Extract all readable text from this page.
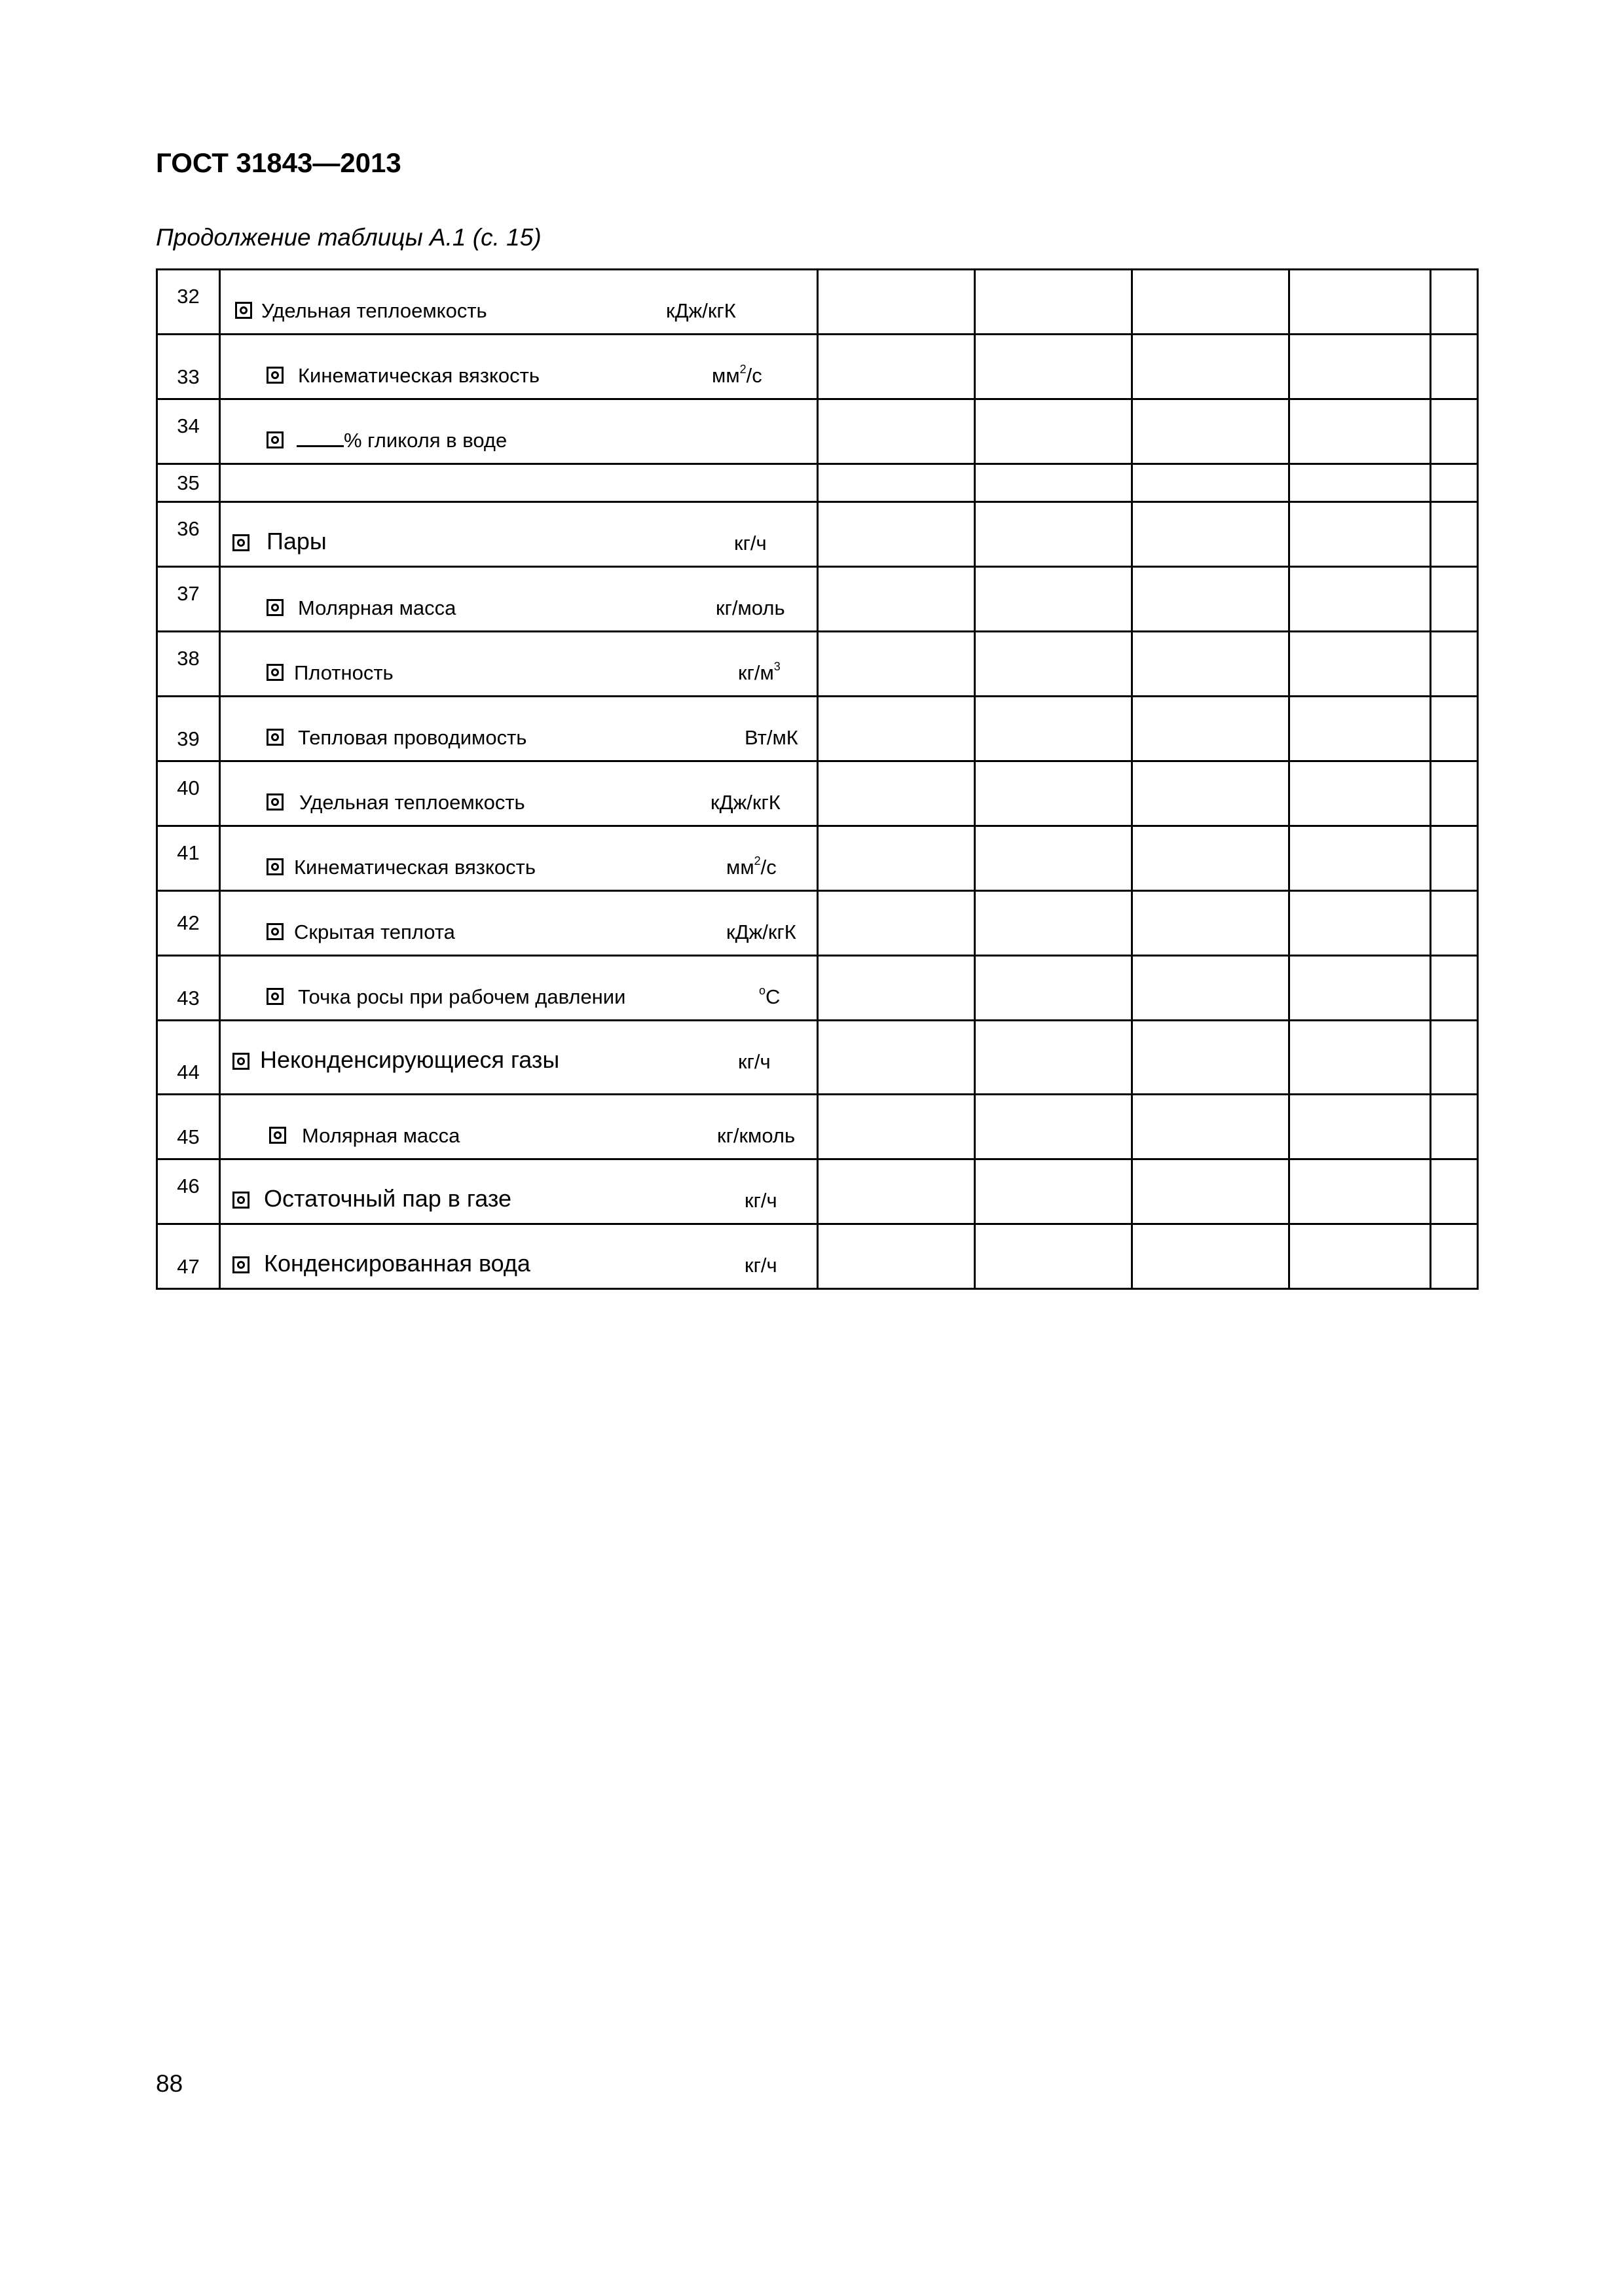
ГОСТ 31843—2013
Продолжение таблицы А.1 (с. 15)
32	Удельная теплоемкость кДж/кгК					

33	Кинематическая вязкость $мм^2/с$					

34	% гликоля в воде					

35						

36	Пары кг/ч					

37	Молярная масса кг/моль					

38	Плотность $кг/м^3$

39	Тепловая проводимость Вт/мК					

40	Удельная теплоемкость кДж/кгК					

41	Кинематическая вязкость $мм^2/с$					

42	Скрытая теплота кДж/кгК					

43	Точка росы при рабочем давлении $^o$С					

44	Неконденсирующиеся газы кг/ч					

45	Молярная масса кг/кмоль					

46	Остаточный пар в газе кг/ч					

47	Конденсированная вода кг/ч					

88
